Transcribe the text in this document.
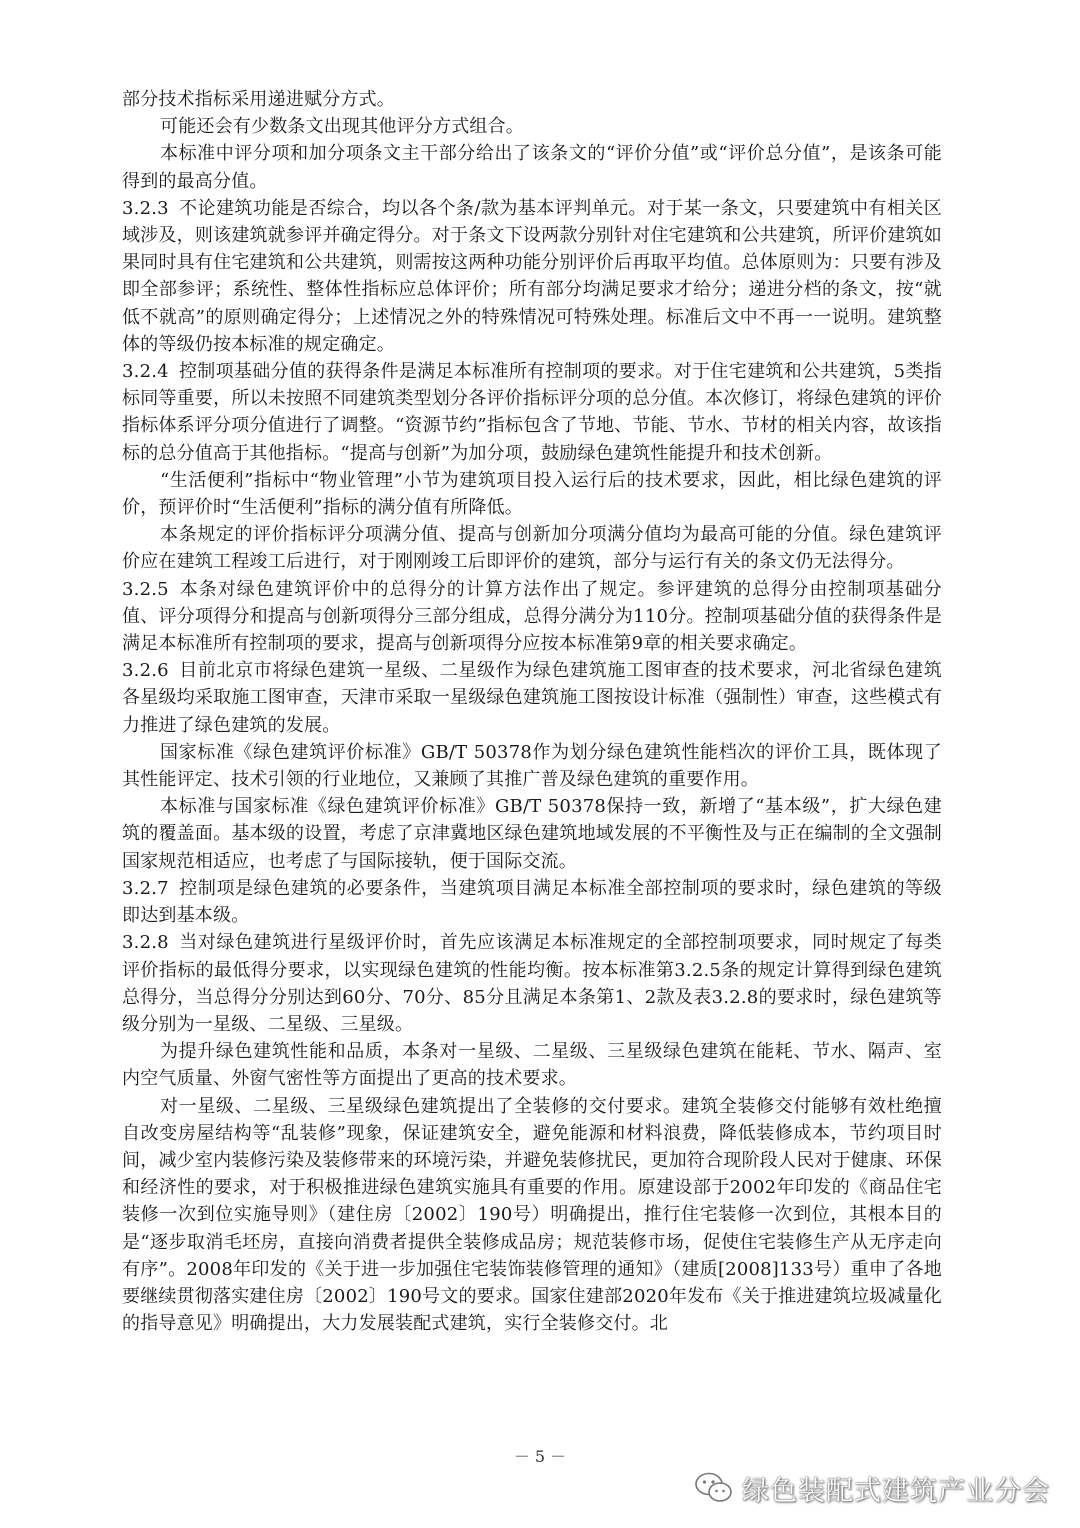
部分技术指标采用递进赋分方式。

可能还会有少数条文出现其他评分方式组合。

本标准中评分项和加分项条文主干部分给出了该条文的“评价分值”或“评价总分值”，是该条可能得到的最高分值。

3.2.3 不论建筑功能是否综合，均以各个条/款为基本评判单元。对于某一条文，只要建筑中有相关区域涉及，则该建筑就参评并确定得分。对于条文下设两款分别针对住宅建筑和公共建筑，所评价建筑如果同时具有住宅建筑和公共建筑，则需按这两种功能分别评价后再取平均值。总体原则为：只要有涉及即全部参评；系统性、整体性指标应总体评价；所有部分均满足要求才给分；递进分档的条文，按“就低不就高”的原则确定得分；上述情况之外的特殊情况可特殊处理。标准后文中不再一一说明。建筑整体的等级仍按本标准的规定确定。

3.2.4 控制项基础分值的获得条件是满足本标准所有控制项的要求。对于住宅建筑和公共建筑，5类指标同等重要，所以未按照不同建筑类型划分各评价指标评分项的总分值。本次修订，将绿色建筑的评价指标体系评分项分值进行了调整。“资源节约”指标包含了节地、节能、节水、节材的相关内容，故该指标的总分值高于其他指标。“提高与创新”为加分项，鼓励绿色建筑性能提升和技术创新。

“生活便利”指标中“物业管理”小节为建筑项目投入运行后的技术要求，因此，相比绿色建筑的评价，预评价时“生活便利”指标的满分值有所降低。

本条规定的评价指标评分项满分值、提高与创新加分项满分值均为最高可能的分值。绿色建筑评价应在建筑工程竣工后进行，对于刚刚竣工后即评价的建筑，部分与运行有关的条文仍无法得分。

3.2.5 本条对绿色建筑评价中的总得分的计算方法作出了规定。参评建筑的总得分由控制项基础分值、评分项得分和提高与创新项得分三部分组成，总得分满分为110分。控制项基础分值的获得条件是满足本标准所有控制项的要求，提高与创新项得分应按本标准第9章的相关要求确定。

3.2.6 目前北京市将绿色建筑一星级、二星级作为绿色建筑施工图审查的技术要求，河北省绿色建筑各星级均采取施工图审查，天津市采取一星级绿色建筑施工图按设计标准（强制性）审查，这些模式有力推进了绿色建筑的发展。

国家标准《绿色建筑评价标准》GB/T 50378作为划分绿色建筑性能档次的评价工具，既体现了其性能评定、技术引领的行业地位，又兼顾了其推广普及绿色建筑的重要作用。

本标准与国家标准《绿色建筑评价标准》GB/T 50378保持一致，新增了“基本级”，扩大绿色建筑的覆盖面。基本级的设置，考虑了京津冀地区绿色建筑地域发展的不平衡性及与正在编制的全文强制国家规范相适应，也考虑了与国际接轨，便于国际交流。

3.2.7 控制项是绿色建筑的必要条件，当建筑项目满足本标准全部控制项的要求时，绿色建筑的等级即达到基本级。

3.2.8 当对绿色建筑进行星级评价时，首先应该满足本标准规定的全部控制项要求，同时规定了每类评价指标的最低得分要求，以实现绿色建筑的性能均衡。按本标准第3.2.5条的规定计算得到绿色建筑总得分，当总得分分别达到60分、70分、85分且满足本条第1、2款及表3.2.8的要求时，绿色建筑等级分别为一星级、二星级、三星级。

为提升绿色建筑性能和品质，本条对一星级、二星级、三星级绿色建筑在能耗、节水、隔声、室内空气质量、外窗气密性等方面提出了更高的技术要求。

对一星级、二星级、三星级绿色建筑提出了全装修的交付要求。建筑全装修交付能够有效杜绝擅自改变房屋结构等“乱装修”现象，保证建筑安全，避免能源和材料浪费，降低装修成本，节约项目时间，减少室内装修污染及装修带来的环境污染，并避免装修扰民，更加符合现阶段人民对于健康、环保和经济性的要求，对于积极推进绿色建筑实施具有重要的作用。原建设部于2002年印发的《商品住宅装修一次到位实施导则》（建住房〔2002〕190号）明确提出，推行住宅装修一次到位，其根本目的是“逐步取消毛坯房，直接向消费者提供全装修成品房；规范装修市场，促使住宅装修生产从无序走向有序”。2008年印发的《关于进一步加强住宅装饰装修管理的通知》（建质[2008]133号）重申了各地要继续贯彻落实建住房〔2002〕190号文的要求。国家住建部2020年发布《关于推进建筑垃圾减量化的指导意见》明确提出，大力发展装配式建筑，实行全装修交付。北

－ 5 －
绿色装配式建筑产业分会
